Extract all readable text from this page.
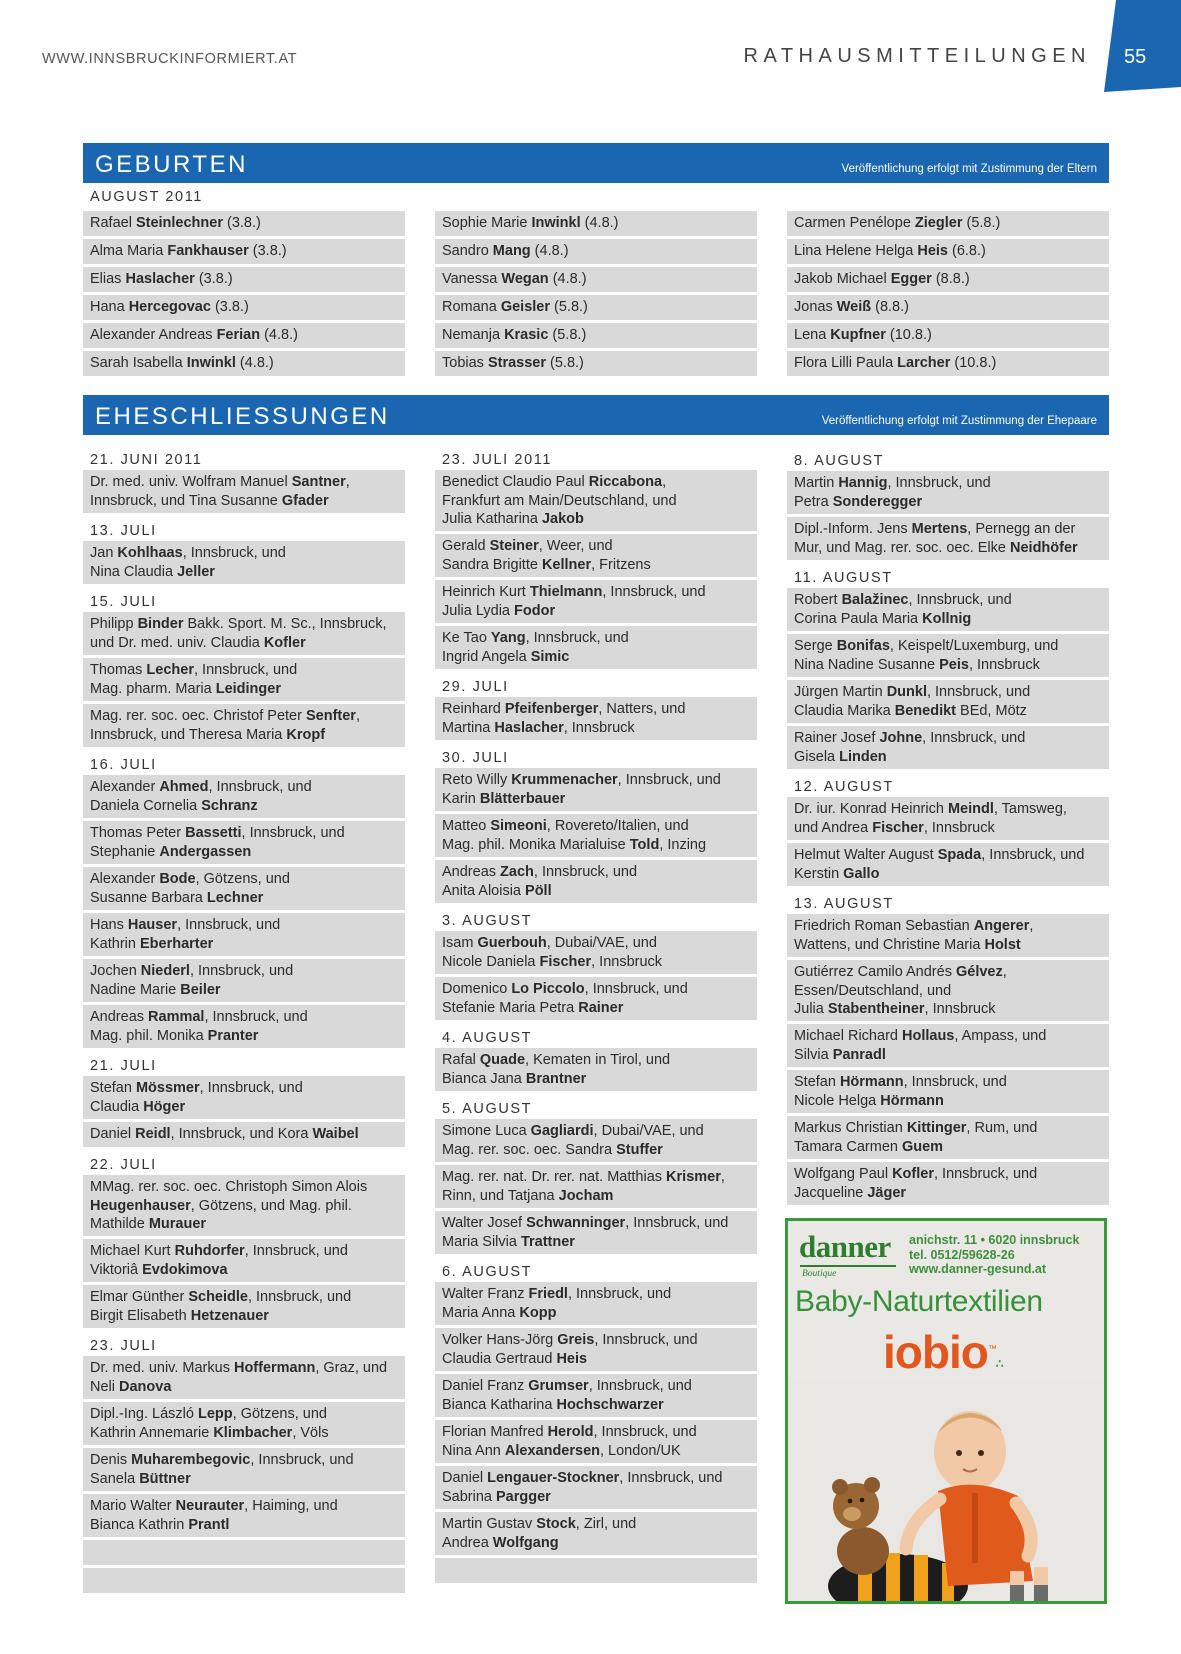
WWW.INNSBRUCKINFORMIERT.AT	RATHAUSMITTEILUNGEN 55
GEBURTEN	Veröffentlichung erfolgt mit Zustimmung der Eltern
AUGUST 2011
Rafael Steinlechner (3.8.)
Alma Maria Fankhauser (3.8.)
Elias Haslacher (3.8.)
Hana Hercegovac (3.8.)
Alexander Andreas Ferian (4.8.)
Sarah Isabella Inwinkl (4.8.)
Sophie Marie Inwinkl (4.8.)
Sandro Mang (4.8.)
Vanessa Wegan (4.8.)
Romana Geisler (5.8.)
Nemanja Krasic (5.8.)
Tobias Strasser (5.8.)
Carmen Penélope Ziegler (5.8.)
Lina Helene Helga Heis (6.8.)
Jakob Michael Egger (8.8.)
Jonas Weiß (8.8.)
Lena Kupfner (10.8.)
Flora Lilli Paula Larcher (10.8.)
EHESCHLIESSUNGEN	Veröffentlichung erfolgt mit Zustimmung der Ehepaare
21. JUNI 2011
Dr. med. univ. Wolfram Manuel Santner,
Innsbruck, und Tina Susanne Gfader
13. JULI
Jan Kohlhaas, Innsbruck, und
Nina Claudia Jeller
15. JULI
Philipp Binder Bakk. Sport. M. Sc., Innsbruck,
und Dr. med. univ. Claudia Kofler
Thomas Lecher, Innsbruck, und
Mag. pharm. Maria Leidinger
Mag. rer. soc. oec. Christof Peter Senfter,
Innsbruck, und Theresa Maria Kropf
16. JULI
Alexander Ahmed, Innsbruck, und
Daniela Cornelia Schranz
Thomas Peter Bassetti, Innsbruck, und
Stephanie Andergassen
Alexander Bode, Götzens, und
Susanne Barbara Lechner
Hans Hauser, Innsbruck, und
Kathrin Eberharter
Jochen Niederl, Innsbruck, und
Nadine Marie Beiler
Andreas Rammal, Innsbruck, und
Mag. phil. Monika Pranter
21. JULI
Stefan Mössmer, Innsbruck, und
Claudia Höger
Daniel Reidl, Innsbruck, und Kora Waibel
22. JULI
MMag. rer. soc. oec. Christoph Simon Alois
Heugenhauser, Götzens, und Mag. phil.
Mathilde Murauer
Michael Kurt Ruhdorfer, Innsbruck, und
Viktoriâ Evdokimova
Elmar Günther Scheidle, Innsbruck, und
Birgit Elisabeth Hetzenauer
23. JULI
Dr. med. univ. Markus Hoffermann, Graz, und
Neli Danova
Dipl.-Ing. László Lepp, Götzens, und
Kathrin Annemarie Klimbacher, Völs
Denis Muharembegovic, Innsbruck, und
Sanela Büttner
Mario Walter Neurauter, Haiming, und
Bianca Kathrin Prantl
23. JULI 2011
Benedict Claudio Paul Riccabona,
Frankfurt am Main/Deutschland, und
Julia Katharina Jakob
Gerald Steiner, Weer, und
Sandra Brigitte Kellner, Fritzens
Heinrich Kurt Thielmann, Innsbruck, und
Julia Lydia Fodor
Ke Tao Yang, Innsbruck, und
Ingrid Angela Simic
29. JULI
Reinhard Pfeifenberger, Natters, und
Martina Haslacher, Innsbruck
30. JULI
Reto Willy Krummenacher, Innsbruck, und
Karin Blätterbauer
Matteo Simeoni, Rovereto/Italien, und
Mag. phil. Monika Marialuise Told, Inzing
Andreas Zach, Innsbruck, und
Anita Aloisia Pöll
3. AUGUST
Isam Guerbouh, Dubai/VAE, und
Nicole Daniela Fischer, Innsbruck
Domenico Lo Piccolo, Innsbruck, und
Stefanie Maria Petra Rainer
4. AUGUST
Rafal Quade, Kematen in Tirol, und
Bianca Jana Brantner
5. AUGUST
Simone Luca Gagliardi, Dubai/VAE, und
Mag. rer. soc. oec. Sandra Stuffer
Mag. rer. nat. Dr. rer. nat. Matthias Krismer,
Rinn, und Tatjana Jocham
Walter Josef Schwanninger, Innsbruck, und
Maria Silvia Trattner
6. AUGUST
Walter Franz Friedl, Innsbruck, und
Maria Anna Kopp
Volker Hans-Jörg Greis, Innsbruck, und
Claudia Gertraud Heis
Daniel Franz Grumser, Innsbruck, und
Bianca Katharina Hochschwarzer
Florian Manfred Herold, Innsbruck, und
Nina Ann Alexandersen, London/UK
Daniel Lengauer-Stockner, Innsbruck, und
Sabrina Pargger
Martin Gustav Stock, Zirl, und
Andrea Wolfgang
8. AUGUST
Martin Hannig, Innsbruck, und
Petra Sonderegger
Dipl.-Inform. Jens Mertens, Pernegg an der
Mur, und Mag. rer. soc. oec. Elke Neidhöfer
11. AUGUST
Robert Balažinec, Innsbruck, und
Corina Paula Maria Kollnig
Serge Bonifas, Keispelt/Luxemburg, und
Nina Nadine Susanne Peis, Innsbruck
Jürgen Martin Dunkl, Innsbruck, und
Claudia Marika Benedikt BEd, Mötz
Rainer Josef Johne, Innsbruck, und
Gisela Linden
12. AUGUST
Dr. iur. Konrad Heinrich Meindl, Tamsweg,
und Andrea Fischer, Innsbruck
Helmut Walter August Spada, Innsbruck, und
Kerstin Gallo
13. AUGUST
Friedrich Roman Sebastian Angerer,
Wattens, und Christine Maria Holst
Gutiérrez Camilo Andrés Gélvez,
Essen/Deutschland, und
Julia Stabentheiner, Innsbruck
Michael Richard Hollaus, Ampass, und
Silvia Panradl
Stefan Hörmann, Innsbruck, und
Nicole Helga Hörmann
Markus Christian Kittinger, Rum, und
Tamara Carmen Guem
Wolfgang Paul Kofler, Innsbruck, und
Jacqueline Jäger
danner
Boutique
anichstr. 11 • 6020 innsbruck
tel. 0512/59628-26
www.danner-gesund.at
Baby-Naturtextilien
iobio™∴
